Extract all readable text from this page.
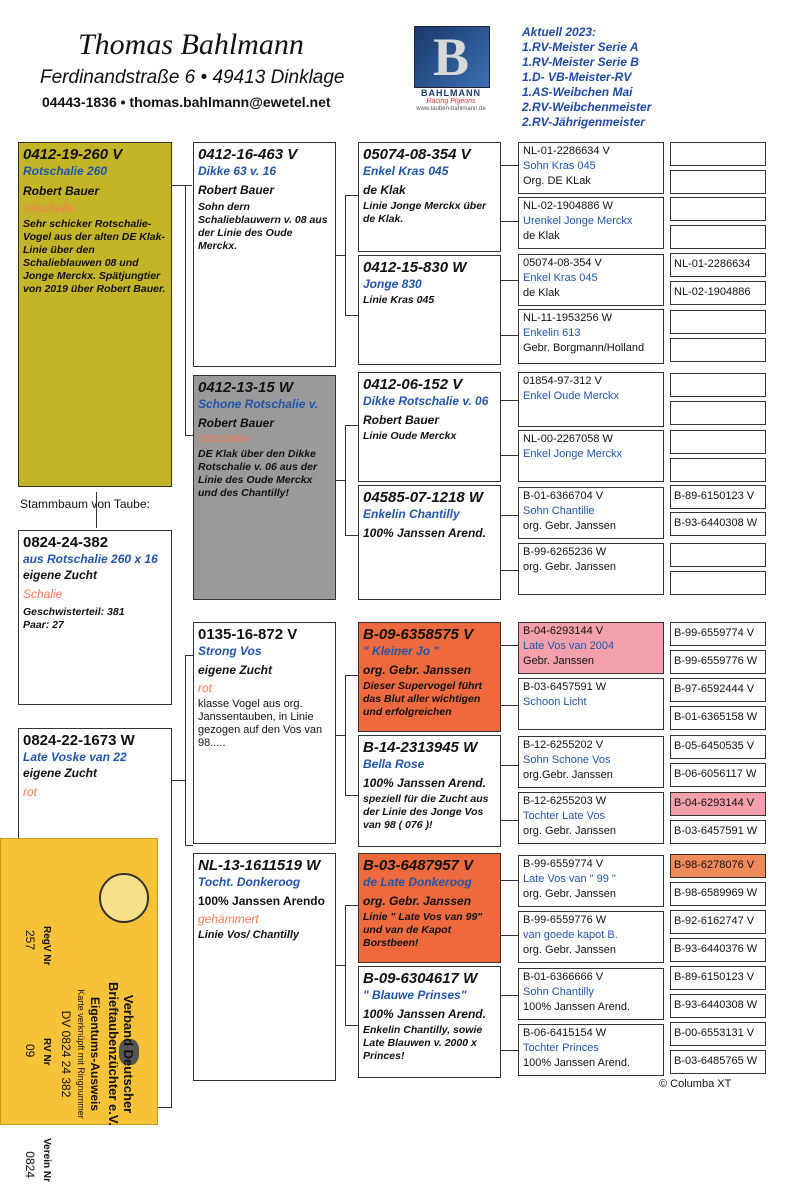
Thomas Bahlmann
Ferdinandstraße 6 • 49413 Dinklage
04443-1836 • thomas.bahlmann@ewetel.net
B
BAHLMANN
Racing Pigeons
www.tauben-bahlmann.de
Aktuell 2023:
1.RV-Meister Serie A
1.RV-Meister Serie B
1.D- VB-Meister-RV
1.AS-Weibchen Mai
2.RV-Weibchenmeister
2.RV-Jährigenmeister
0412-19-260 V
Rotschalie 260
Robert Bauer
rotschalie
Sehr schicker Rotschalie-Vogel aus der alten DE Klak-Linie über den Schalieblauwen 08 und Jonge Merckx. Spätjungtier von 2019 über Robert Bauer.
Stammbaum von Taube:
0824-24-382
aus Rotschalie 260 x 16
eigene Zucht
Schalie
Geschwisterteil: 381
Paar: 27
0824-22-1673 W
Late Voske van 22
eigene Zucht
rot
0412-16-463 V
Dikke 63 v. 16
Robert Bauer
Sohn dern Schalieblauwern v. 08 aus der Linie des Oude Merckx.
0412-13-15 W
Schone Rotschalie v.
Robert Bauer
rotschalie
DE Klak über den Dikke Rotschalie v. 06 aus der Linie des Oude Merckx und des Chantilly!
0135-16-872 V
Strong Vos
eigene Zucht
rot
klasse Vogel aus org. Janssentauben, in Linie gezogen auf den Vos van 98.....
NL-13-1611519 W
Tocht. Donkeroog
100% Janssen Arendo
gehämmert
Linie Vos/ Chantilly
05074-08-354 V
Enkel Kras 045
de Klak
Linie Jonge Merckx über de Klak.
0412-15-830 W
Jonge 830
Linie Kras 045
0412-06-152 V
Dikke Rotschalie v. 06
Robert Bauer
Linie Oude Merckx
04585-07-1218 W
Enkelin Chantilly
100% Janssen Arend.
B-09-6358575 V
" Kleiner Jo "
org. Gebr. Janssen
Dieser Supervogel führt das Blut aller wichtigen und erfolgreichen
B-14-2313945 W
Bella Rose
100% Janssen Arend.
speziell für die Zucht aus der Linie des Jonge Vos van 98 ( 076 )!
B-03-6487957 V
de Late Donkeroog
org. Gebr. Janssen
Linie " Late Vos van 99" und van de Kapot Borstbeen!
B-09-6304617 W
" Blauwe Prinses"
100% Janssen Arend.
Enkelin Chantilly, sowie Late Blauwen v. 2000 x Princes!
NL-01-2286634 V
Sohn Kras 045
Org. DE KLak
NL-02-1904886 W
Urenkel Jonge Merckx
de Klak
05074-08-354 V
Enkel Kras 045
de Klak
NL-11-1953256 W
Enkelin 613
Gebr. Borgmann/Holland
01854-97-312 V
Enkel Oude Merckx
NL-00-2267058 W
Enkel Jonge Merckx
B-01-6366704 V
Sohn Chantilie
org. Gebr. Janssen
B-99-6265236 W
org. Gebr. Janssen
B-04-6293144 V
Late Vos van 2004
Gebr. Janssen
B-03-6457591 W
Schoon Licht
B-12-6255202 V
Sohn Schone Vos
org.Gebr. Janssen
B-12-6255203 W
Tochter Late Vos
org. Gebr. Janssen
B-99-6559774 V
Late Vos van " 99 "
org. Gebr. Janssen
B-99-6559776 W
van goede kapot B.
org. Gebr. Janssen
B-01-6366666 V
Sohn Chantilly
100% Janssen Arend.
B-06-6415154 W
Tochter Princes
100% Janssen Arend.
NL-01-2286634
NL-02-1904886
B-89-6150123 V
B-93-6440308 W
B-99-6559774 V
B-99-6559776 W
B-97-6592444 V
B-01-6365158 W
B-05-6450535 V
B-06-6056117 W
B-04-6293144 V
B-03-6457591 W
B-98-6278076 V
B-98-6589969 W
B-92-6162747 V
B-93-6440376 W
B-89-6150123 V
B-93-6440308 W
B-00-6553131 V
B-03-6485765 W
Verband Deutscher
Brieftaubenzüchter e.V.
Eigentums-Ausweis
Karte verknüpft mit Ringnummer
DV 0824 24 382
RegV Nr
RV Nr
Verein Nr
257
09
0824
© Columba XT
